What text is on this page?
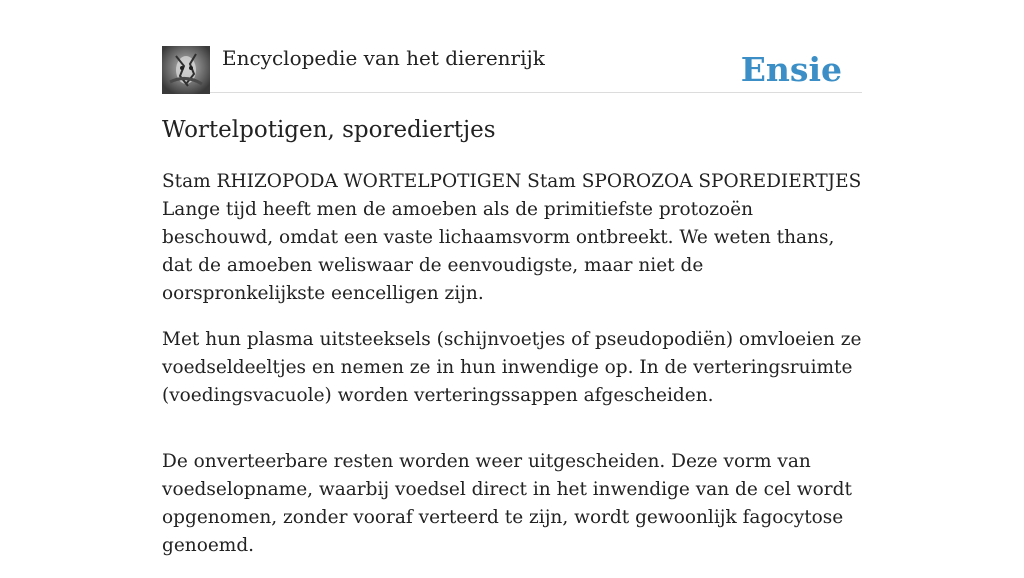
Encyclopedie van het dierenrijk	Ensie
Wortelpotigen, sporediertjes

Stam RHIZOPODA WORTELPOTIGEN Stam SPOROZOA SPOREDIERTJES Lange tijd heeft men de amoeben als de primitiefste protozoën beschouwd, omdat een vaste lichaamsvorm ontbreekt. We weten thans, dat de amoeben weliswaar de eenvoudigste, maar niet de oorspronkelijkste eencelligen zijn.

Met hun plasma uitsteeksels (schijnvoetjes of pseudopodiën) omvloeien ze voedseldeeltjes en nemen ze in hun inwendige op. In de verteringsruimte (voedingsvacuole) worden verteringssappen afgescheiden.

De onverteerbare resten worden weer uitgescheiden. Deze vorm van voedselopname, waarbij voedsel direct in het inwendige van de cel wordt opgenomen, zonder vooraf verteerd te zijn, wordt gewoonlijk fagocytose genoemd.
